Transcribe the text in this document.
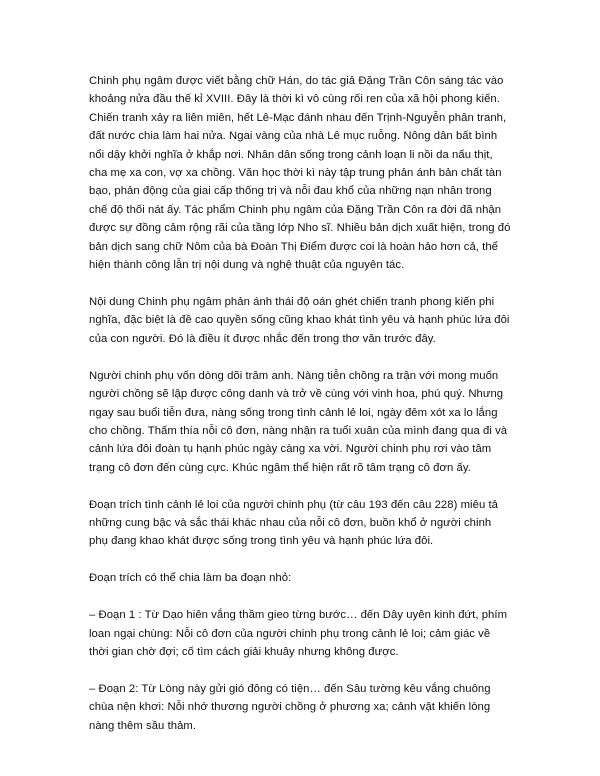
Chinh phụ ngâm được viết bằng chữ Hán, do tác giả Đặng Trần Côn sáng tác vào khoảng nửa đầu thế kỉ XVIII. Đây là thời kì vô cùng rối ren của xã hội phong kiến. Chiến tranh xảy ra liên miên, hết Lê-Mạc đánh nhau đến Trịnh-Nguyễn phân tranh, đất nước chia làm hai nửa. Ngai vàng của nhà Lê mục ruỗng. Nông dân bất bình nổi dậy khởi nghĩa ở khắp nơi. Nhân dân sống trong cảnh loạn li nồi da nấu thịt, cha mẹ xa con, vợ xa chồng. Văn học thời kì này tập trung phản ánh bản chất tàn bạo, phản động của giai cấp thống trị và nỗi đau khổ của những nạn nhân trong chế độ thối nát ấy. Tác phẩm Chinh phụ ngâm của Đặng Trần Côn ra đời đã nhận được sự đồng cảm rộng rãi của tầng lớp Nho sĩ. Nhiều bản dịch xuất hiện, trong đó bản dịch sang chữ Nôm của bà Đoàn Thị Điểm được coi là hoàn hảo hơn cả, thể hiện thành công lẫn trị nội dung và nghệ thuật của nguyên tác.

Nội dung Chinh phụ ngâm phản ánh thái độ oán ghét chiến tranh phong kiến phi nghĩa, đặc biệt là đề cao quyền sống cũng khao khát tình yêu và hạnh phúc lứa đôi của con người. Đó là điều ít được nhắc đến trong thơ văn trước đây.

Người chinh phụ vốn dòng dõi trâm anh. Nàng tiễn chồng ra trận với mong muốn người chồng sẽ lập được công danh và trở về cùng với vinh hoa, phú quý. Nhưng ngay sau buổi tiễn đưa, nàng sống trong tình cảnh lẻ loi, ngày đêm xót xa lo lắng cho chồng. Thấm thía nỗi cô đơn, nàng nhận ra tuổi xuân của mình đang qua đi và cảnh lứa đôi đoàn tụ hạnh phúc ngày càng xa vời. Người chinh phụ rơi vào tâm trạng cô đơn đến cùng cực. Khúc ngâm thể hiện rất rõ tâm trạng cô đơn ấy.

Đoạn trích tình cảnh lẻ loi của người chinh phụ (từ câu 193 đến câu 228) miêu tả những cung bậc và sắc thái khác nhau của nỗi cô đơn, buồn khổ ở người chinh phụ đang khao khát được sống trong tình yêu và hạnh phúc lứa đôi.

Đoạn trích có thể chia làm ba đoạn nhỏ:

– Đoạn 1 : Từ Dạo hiên vắng thầm gieo từng bước… đến Dây uyên kinh đứt, phím loan ngại chùng: Nỗi cô đơn của người chinh phụ trong cảnh lẻ loi; cảm giác về thời gian chờ đợi; cố tìm cách giải khuây nhưng không được.

– Đoạn 2: Từ Lòng này gửi gió đông có tiện… đến Sâu tường kêu vắng chuông chùa nện khơi: Nỗi nhớ thương người chồng ở phương xa; cảnh vật khiến lòng nàng thêm sầu thảm.
